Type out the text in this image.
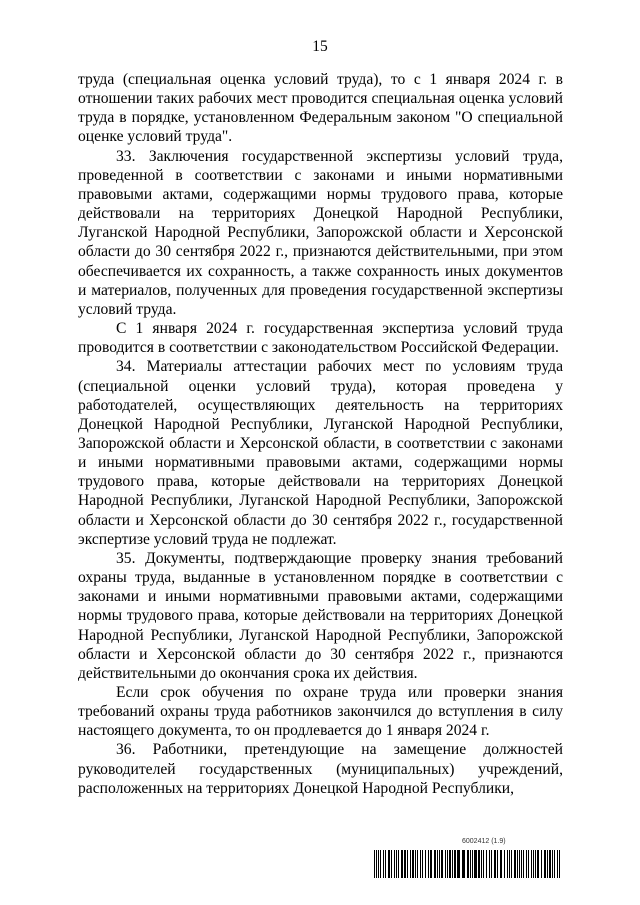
15

труда (специальная оценка условий труда), то с 1 января 2024 г. в отношении таких рабочих мест проводится специальная оценка условий труда в порядке, установленном Федеральным законом "О специальной оценке условий труда".

33. Заключения государственной экспертизы условий труда, проведенной в соответствии с законами и иными нормативными правовыми актами, содержащими нормы трудового права, которые действовали на территориях Донецкой Народной Республики, Луганской Народной Республики, Запорожской области и Херсонской области до 30 сентября 2022 г., признаются действительными, при этом обеспечивается их сохранность, а также сохранность иных документов и материалов, полученных для проведения государственной экспертизы условий труда.

С 1 января 2024 г. государственная экспертиза условий труда проводится в соответствии с законодательством Российской Федерации.

34. Материалы аттестации рабочих мест по условиям труда (специальной оценки условий труда), которая проведена у работодателей, осуществляющих деятельность на территориях Донецкой Народной Республики, Луганской Народной Республики, Запорожской области и Херсонской области, в соответствии с законами и иными нормативными правовыми актами, содержащими нормы трудового права, которые действовали на территориях Донецкой Народной Республики, Луганской Народной Республики, Запорожской области и Херсонской области до 30 сентября 2022 г., государственной экспертизе условий труда не подлежат.

35. Документы, подтверждающие проверку знания требований охраны труда, выданные в установленном порядке в соответствии с законами и иными нормативными правовыми актами, содержащими нормы трудового права, которые действовали на территориях Донецкой Народной Республики, Луганской Народной Республики, Запорожской области и Херсонской области до 30 сентября 2022 г., признаются действительными до окончания срока их действия.

Если срок обучения по охране труда или проверки знания требований охраны труда работников закончился до вступления в силу настоящего документа, то он продлевается до 1 января 2024 г.

36. Работники, претендующие на замещение должностей руководителей государственных (муниципальных) учреждений, расположенных на территориях Донецкой Народной Республики,

6002412 (1.9)
